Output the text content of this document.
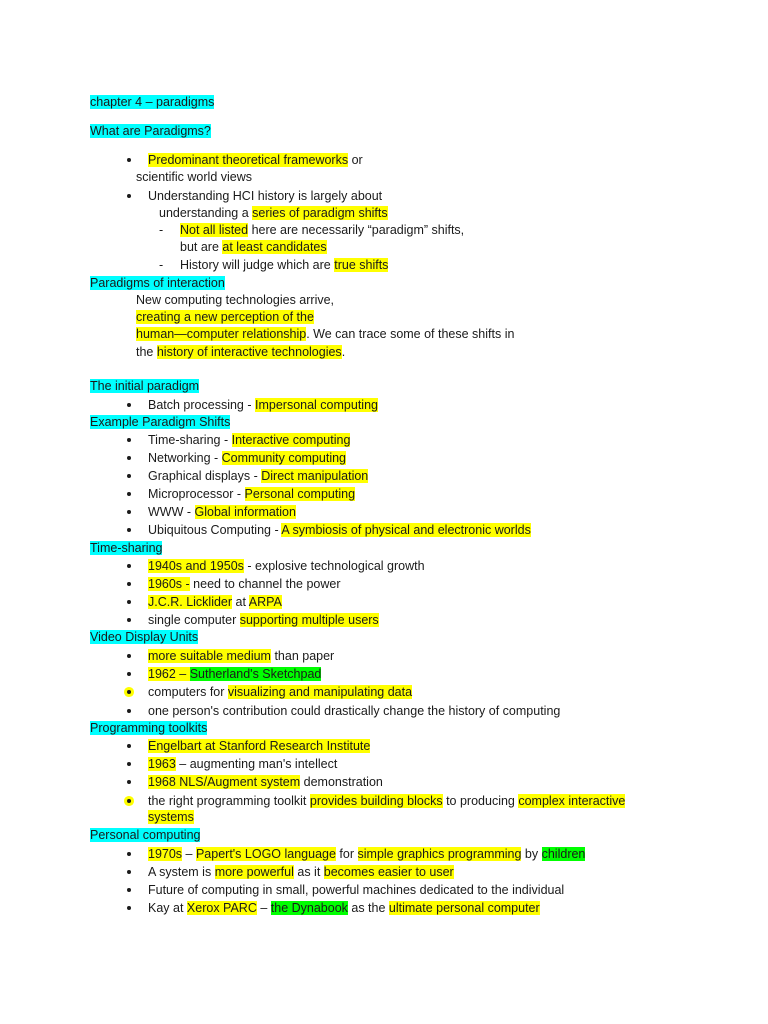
chapter 4 – paradigms
What are Paradigms?
Predominant theoretical frameworks or
scientific world views
Understanding HCI history is largely about
understanding a series of paradigm shifts
- Not all listed here are necessarily “paradigm” shifts,
but are at least candidates
- History will judge which are true shifts
Paradigms of interaction
New computing technologies arrive,
creating a new perception of the
human—computer relationship. We can trace some of these shifts in
the history of interactive technologies.
The initial paradigm
Batch processing - Impersonal computing
Example Paradigm Shifts
Time-sharing - Interactive computing
Networking - Community computing
Graphical displays - Direct manipulation
Microprocessor - Personal computing
WWW - Global information
Ubiquitous Computing - A symbiosis of physical and electronic worlds
Time-sharing
1940s and 1950s - explosive technological growth
1960s - need to channel the power
J.C.R. Licklider at ARPA
single computer supporting multiple users
Video Display Units
more suitable medium than paper
1962 – Sutherland's Sketchpad
computers for visualizing and manipulating data
one person's contribution could drastically change the history of computing
Programming toolkits
Engelbart at Stanford Research Institute
1963 – augmenting man's intellect
1968 NLS/Augment system demonstration
the right programming toolkit provides building blocks to producing complex interactive
systems
Personal computing
1970s – Papert's LOGO language for simple graphics programming by children
A system is more powerful as it becomes easier to user
Future of computing in small, powerful machines dedicated to the individual
Kay at Xerox PARC – the Dynabook as the ultimate personal computer
